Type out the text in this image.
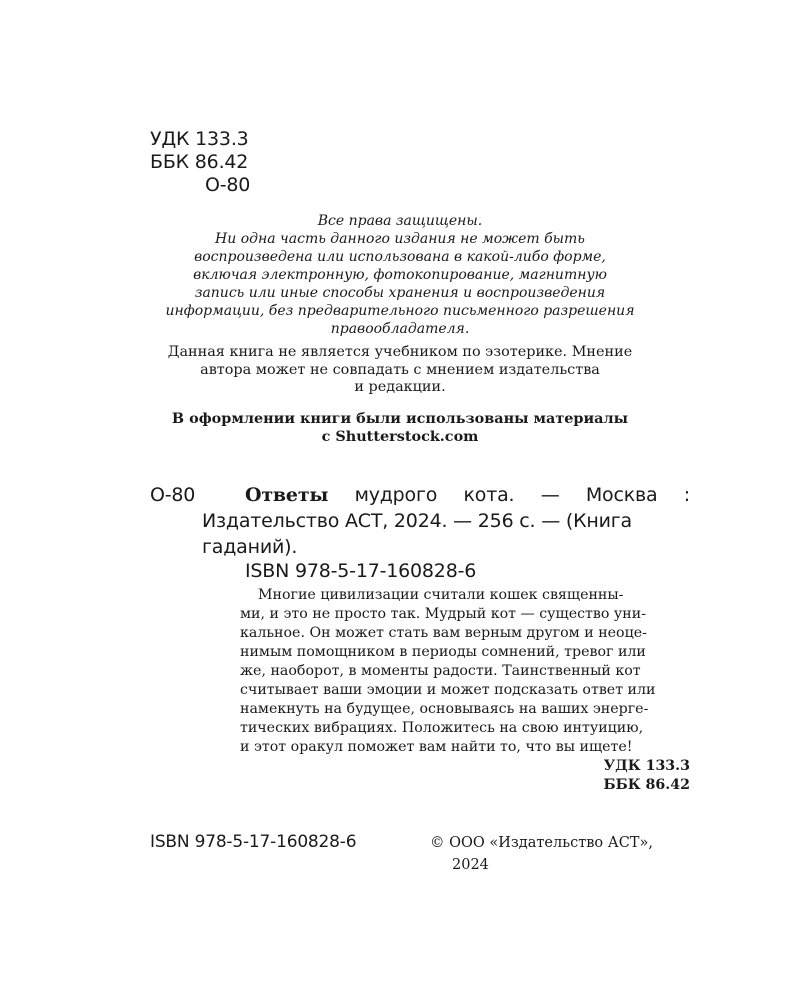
УДК 133.3
ББК 86.42
О-80
Все права защищены.
Ни одна часть данного издания не может быть
воспроизведена или использована в какой-либо форме,
включая электронную, фотокопирование, магнитную
запись или иные способы хранения и воспроизведения
информации, без предварительного письменного разрешения
правообладателя.
Данная книга не является учебником по эзотерике. Мнение
автора может не совпадать с мнением издательства
и редакции.
В оформлении книги были использованы материалы
с Shutterstock.com
О-80	Ответы мудрого кота. — Москва :
Издательство АСТ, 2024. — 256 с. — (Книга
гаданий).
ISBN 978-5-17-160828-6
Многие цивилизации считали кошек священны-
ми, и это не просто так. Мудрый кот — существо уни-
кальное. Он может стать вам верным другом и неоце-
нимым помощником в периоды сомнений, тревог или
же, наоборот, в моменты радости. Таинственный кот
считывает ваши эмоции и может подсказать ответ или
намекнуть на будущее, основываясь на ваших энерге-
тических вибрациях. Положитесь на свою интуицию,
и этот оракул поможет вам найти то, что вы ищете!
УДК 133.3
ББК 86.42
ISBN 978-5-17-160828-6	© ООО «Издательство АСТ»,
2024
